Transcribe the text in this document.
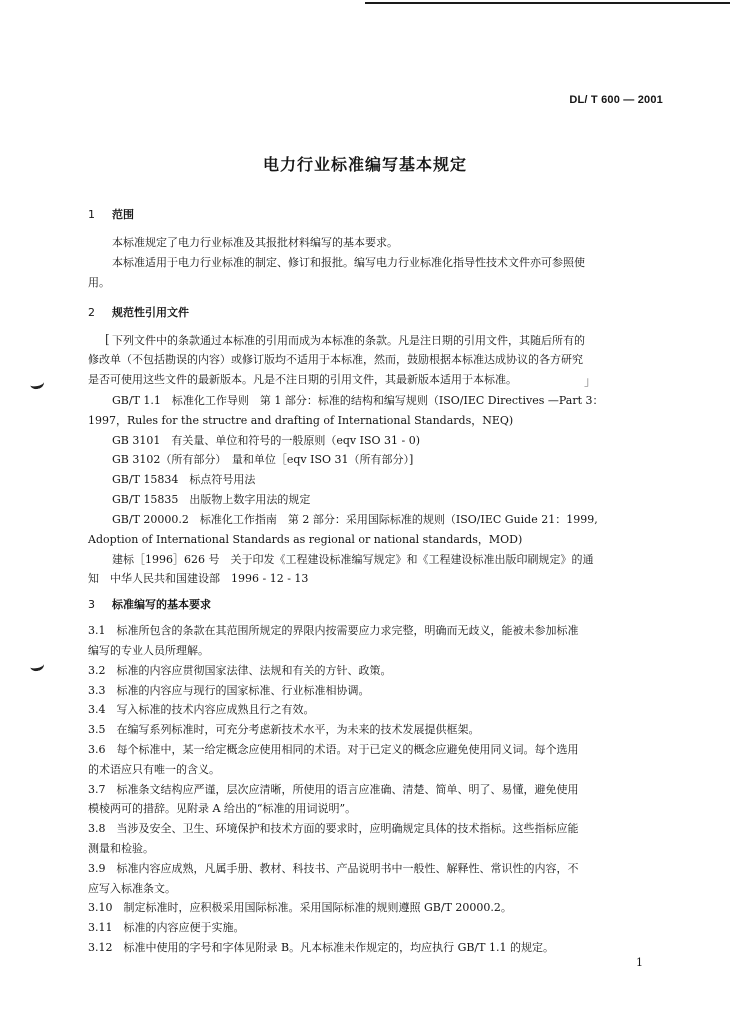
DL/ T 600 — 2001
电力行业标准编写基本规定
1 范围
本标准规定了电力行业标准及其报批材料编写的基本要求。
本标准适用于电力行业标准的制定、修订和报批。编写电力行业标准化指导性技术文件亦可参照使
用。
2 规范性引用文件
[ 下列文件中的条款通过本标准的引用而成为本标准的条款。凡是注日期的引用文件，其随后所有的
修改单（不包括勘误的内容）或修订版均不适用于本标准，然而，鼓励根据本标准达成协议的各方研究
是否可使用这些文件的最新版本。凡是不注日期的引用文件，其最新版本适用于本标准。	」
GB/T 1.1　标准化工作导则　第 1 部分：标准的结构和编写规则（ISO/IEC Directives —Part 3：
1997，Rules for the structre and drafting of International Standards，NEQ)
GB 3101　有关量、单位和符号的一般原则（eqv ISO 31 - 0)
GB 3102（所有部分）　量和单位［eqv ISO 31（所有部分）]
GB/T 15834　标点符号用法
GB/T 15835　出版物上数字用法的规定
GB/T 20000.2　标准化工作指南　第 2 部分：采用国际标准的规则（ISO/IEC Guide 21：1999,
Adoption of International Standards as regional or national standards，MOD)
建标［1996］626 号　关于印发《工程建设标准编写规定》和《工程建设标准出版印刷规定》的通
知　中华人民共和国建设部　1996 - 12 - 13
3 标准编写的基本要求
3.1　标准所包含的条款在其范围所规定的界限内按需要应力求完整，明确而无歧义，能被未参加标准
编写的专业人员所理解。
3.2　标准的内容应贯彻国家法律、法规和有关的方针、政策。
3.3　标准的内容应与现行的国家标准、行业标准相协调。
3.4　写入标准的技术内容应成熟且行之有效。
3.5　在编写系列标准时，可充分考虑新技术水平，为未来的技术发展提供框架。
3.6　每个标准中，某一给定概念应使用相同的术语。对于已定义的概念应避免使用同义词。每个选用
的术语应只有唯一的含义。
3.7　标准条文结构应严谨，层次应清晰，所使用的语言应准确、清楚、简单、明了、易懂，避免使用
模棱两可的措辞。见附录 A 给出的“标准的用词说明”。
3.8　当涉及安全、卫生、环境保护和技术方面的要求时，应明确规定具体的技术指标。这些指标应能
测量和检验。
3.9　标准内容应成熟，凡属手册、教材、科技书、产品说明书中一般性、解释性、常识性的内容，不
应写入标准条文。
3.10　制定标准时，应积极采用国际标准。采用国际标准的规则遵照 GB/T 20000.2。
3.11　标准的内容应便于实施。
3.12　标准中使用的字号和字体见附录 B。凡本标准未作规定的，均应执行 GB/T 1.1 的规定。
1
